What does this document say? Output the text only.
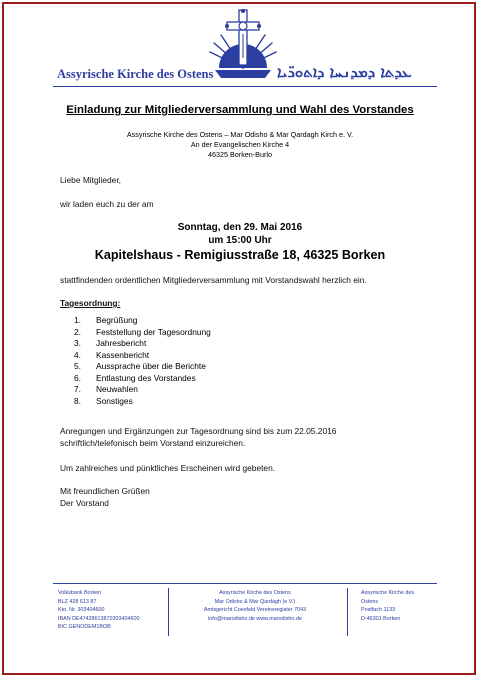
Assyrische Kirche des Ostens	ܥܕܬܐ ܕܡܕܢܚܐ ܕܐܬܘܖ̈ܝܐ
Einladung zur Mitgliederversammlung und Wahl des Vorstandes
Assyrische Kirche des Ostens – Mar Odisho & Mar Qardagh Kirch e. V.
An der Evangelischen Kirche 4
46325 Borken-Burlo
Liebe Mitglieder,
wir laden euch zu der am
Sonntag, den 29. Mai 2016
um 15:00 Uhr
Kapitelshaus - Remigiusstraße 18, 46325 Borken
stattfindenden ordentlichen Mitgliederversammlung mit Vorstandswahl herzlich ein.
Tagesordnung:
1. Begrüßung
2. Feststellung der Tagesordnung
3. Jahresbericht
4. Kassenbericht
5. Aussprache über die Berichte
6. Entlastung des Vorstandes
7. Neuwahlen
8. Sonstiges
Anregungen und Ergänzungen zur Tagesordnung sind bis zum 22.05.2016
schriftlich/telefonisch beim Vorstand einzureichen.
Um zahlreiches und pünktliches Erscheinen wird gebeten.
Mit freundlichen Grüßen
Der Vorstand
Volksbank Borken
BLZ 428 613 87
Kto. Nr. 303404600
IBAN DE47428613870303404600
BIC GENODEM1BOB
Assyrische Kirche des Ostens
Mar Odisho & Mar Qardagh (e.V.)
Amtsgericht Coesfeld Vereinsregister 7043
info@marodisho.de www.marodisho.de
Assyrische Kirche des
Ostens
Postfach 1133
D-46301 Borken
